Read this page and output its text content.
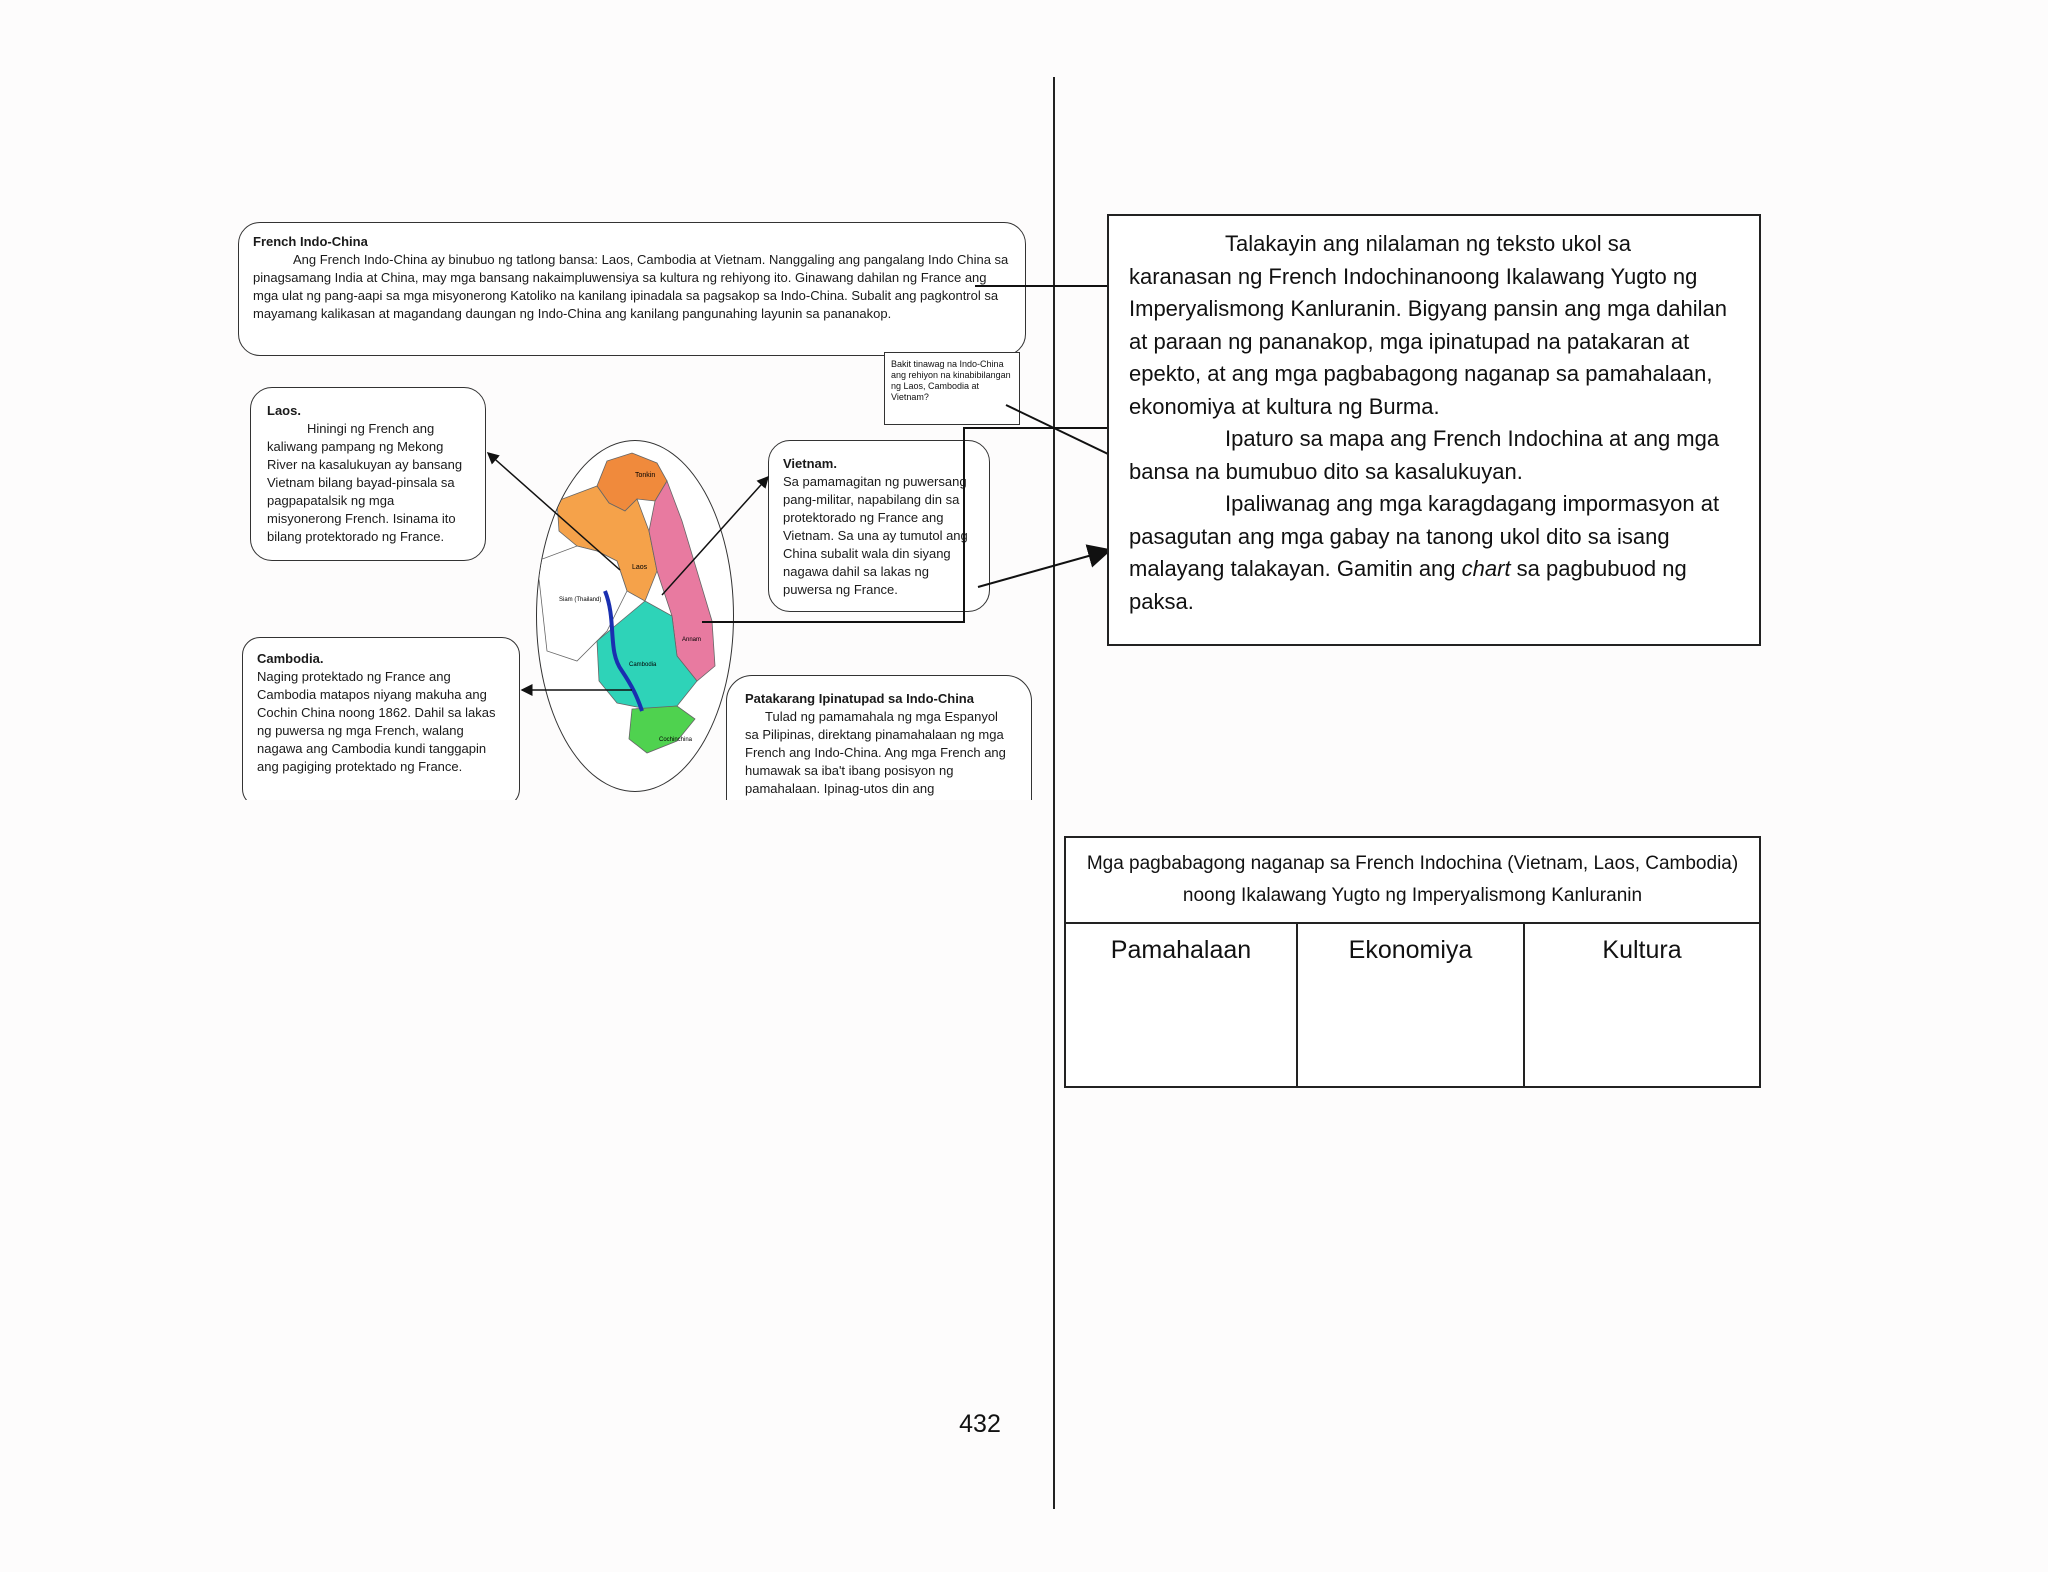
French Indo-China
Ang French Indo-China ay binubuo ng tatlong bansa: Laos, Cambodia at Vietnam. Nanggaling ang pangalang Indo China sa pinagsamang India at China, may mga bansang nakaimpluwensiya sa kultura ng rehiyong ito. Ginawang dahilan ng France ang mga ulat ng pang-aapi sa mga misyonerong Katoliko na kanilang ipinadala sa pagsakop sa Indo-China. Subalit ang pagkontrol sa mayamang kalikasan at magandang daungan ng Indo-China ang kanilang pangunahing layunin sa pananakop.
Bakit tinawag na Indo-China ang rehiyon na kinabibilangan ng Laos, Cambodia at Vietnam?
Laos.
Hiningi ng French ang kaliwang pampang ng Mekong River na kasalukuyan ay bansang Vietnam bilang bayad-pinsala sa pagpapatalsik ng mga misyonerong French. Isinama ito bilang protektorado ng France.
Tonkin
Laos
Siam (Thailand)
Cambodia
Annam
Cochinchina
Vietnam.
Sa pamamagitan ng puwersang pang-militar, napabilang din sa protektorado ng France ang Vietnam. Sa una ay tumutol ang China subalit wala din siyang nagawa dahil sa lakas ng puwersa ng France.
Cambodia.
Naging protektado ng France ang Cambodia matapos niyang makuha ang Cochin China noong 1862. Dahil sa lakas ng puwersa ng mga French, walang nagawa ang Cambodia kundi tanggapin ang pagiging protektado ng France.
Patakarang Ipinatupad sa Indo-China
Tulad ng pamamahala ng mga Espanyol sa Pilipinas, direktang pinamahalaan ng mga French ang Indo-China. Ang mga French ang humawak sa iba't ibang posisyon ng pamahalaan. Ipinag-utos din ang

Talakayin ang nilalaman ng teksto ukol sa karanasan ng French Indochinanoong Ikalawang Yugto ng Imperyalismong Kanluranin. Bigyang pansin ang mga dahilan at paraan ng pananakop, mga ipinatupad na patakaran at epekto, at ang mga pagbabagong naganap sa pamahalaan, ekonomiya at kultura ng Burma.

Ipaturo sa mapa ang French Indochina at ang mga bansa na bumubuo dito sa kasalukuyan.

Ipaliwanag ang mga karagdagang impormasyon at pasagutan ang mga gabay na tanong ukol dito sa isang malayang talakayan. Gamitin ang chart sa pagbubuod ng paksa.

Mga pagbabagong naganap sa French Indochina (Vietnam, Laos, Cambodia) noong Ikalawang Yugto ng Imperyalismong Kanluranin
Pamahalaan	Ekonomiya	Kultura
432
